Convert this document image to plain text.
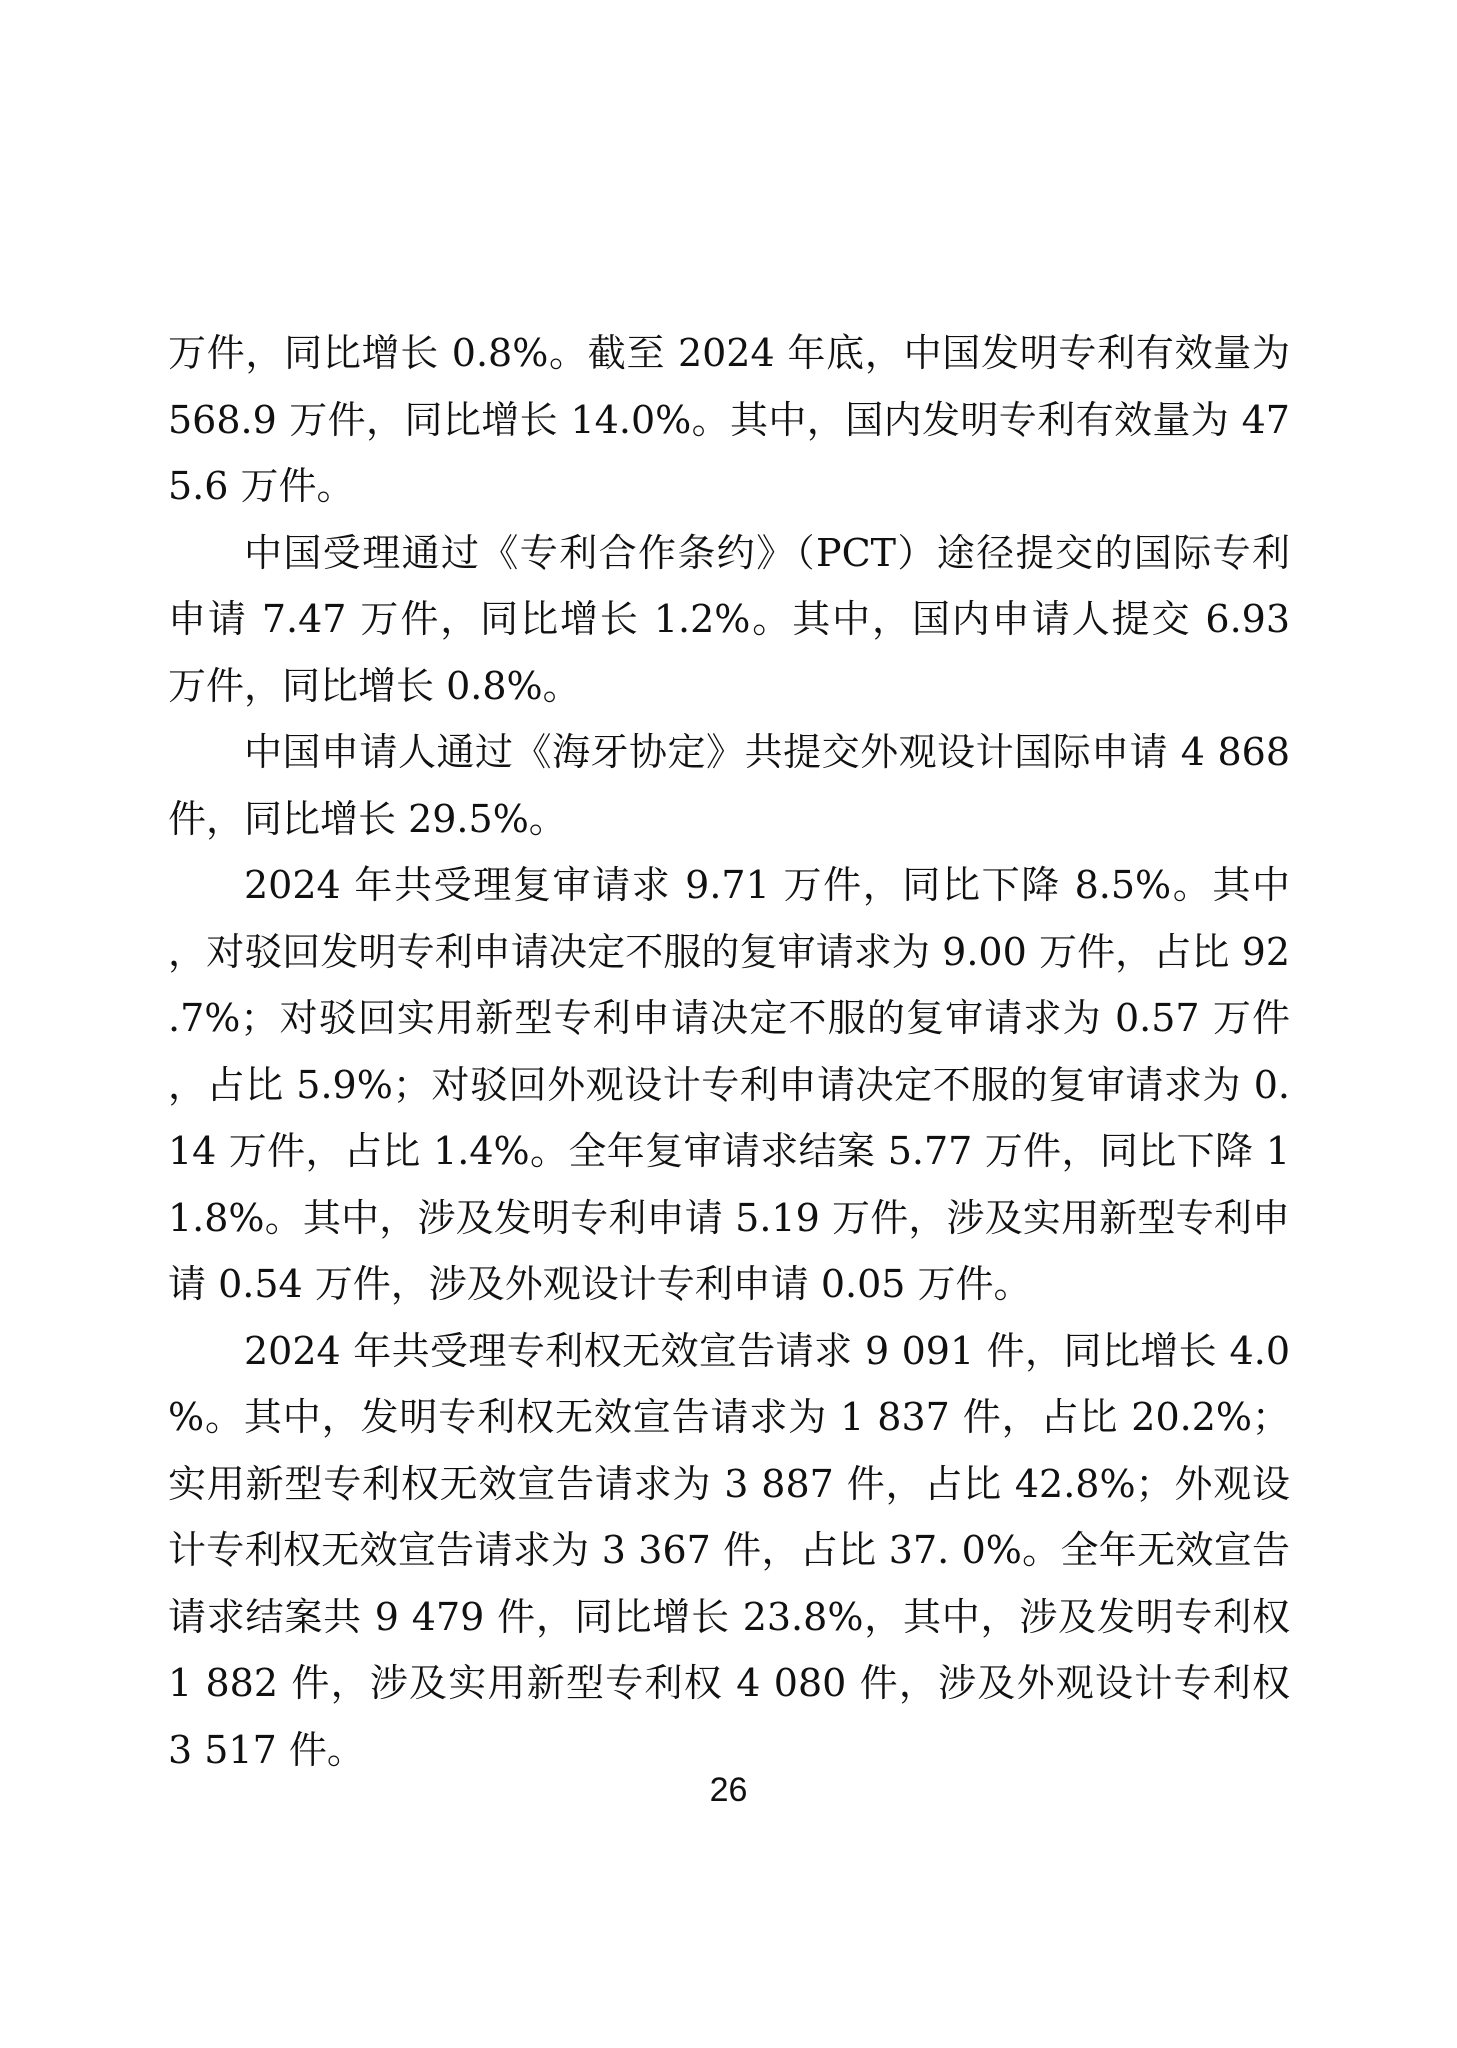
万件，同比增长 0.8%。截至 2024 年底，中国发明专利有效量为 568.9 万件，同比增长 14.0%。其中，国内发明专利有效量为 475.6 万件。

中国受理通过《专利合作条约》（PCT）途径提交的国际专利申请 7.47 万件，同比增长 1.2%。其中，国内申请人提交 6.93 万件，同比增长 0.8%。

中国申请人通过《海牙协定》共提交外观设计国际申请 4 868 件，同比增长 29.5%。

2024 年共受理复审请求 9.71 万件，同比下降 8.5%。其中，对驳回发明专利申请决定不服的复审请求为 9.00 万件，占比 92.7%；对驳回实用新型专利申请决定不服的复审请求为 0.57 万件，占比 5.9%；对驳回外观设计专利申请决定不服的复审请求为 0.14 万件，占比 1.4%。全年复审请求结案 5.77 万件，同比下降 11.8%。其中，涉及发明专利申请 5.19 万件，涉及实用新型专利申请 0.54 万件，涉及外观设计专利申请 0.05 万件。

2024 年共受理专利权无效宣告请求 9 091 件，同比增长 4.0%。其中，发明专利权无效宣告请求为 1 837 件，占比 20.2%；实用新型专利权无效宣告请求为 3 887 件，占比 42.8%；外观设计专利权无效宣告请求为 3 367 件，占比 37. 0%。全年无效宣告请求结案共 9 479 件，同比增长 23.8%，其中，涉及发明专利权 1 882 件，涉及实用新型专利权 4 080 件，涉及外观设计专利权 3 517 件。

26
